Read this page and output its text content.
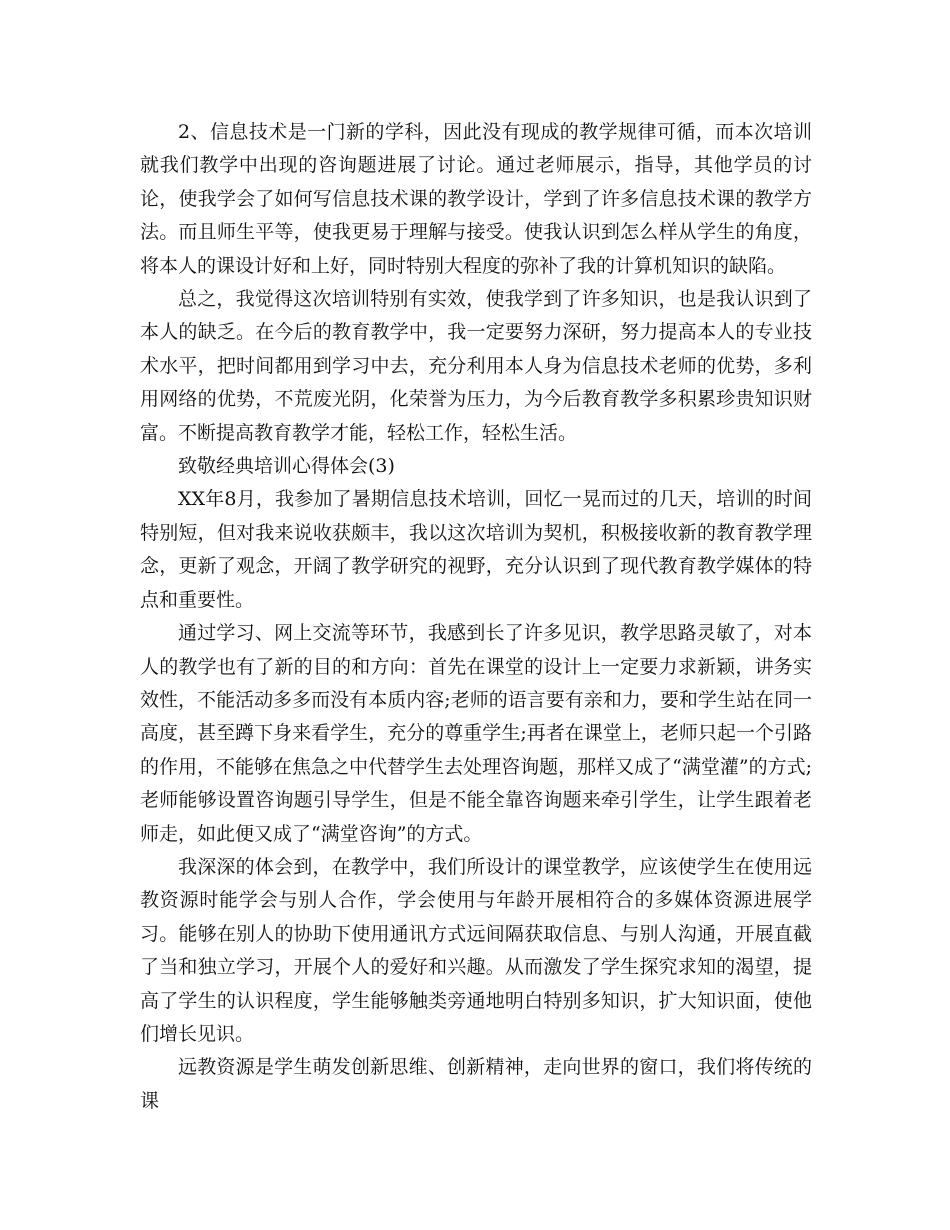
2、信息技术是一门新的学科，因此没有现成的教学规律可循，而本次培训就我们教学中出现的咨询题进展了讨论。通过老师展示，指导，其他学员的讨论，使我学会了如何写信息技术课的教学设计，学到了许多信息技术课的教学方法。而且师生平等，使我更易于理解与接受。使我认识到怎么样从学生的角度，将本人的课设计好和上好，同时特别大程度的弥补了我的计算机知识的缺陷。

总之，我觉得这次培训特别有实效，使我学到了许多知识，也是我认识到了本人的缺乏。在今后的教育教学中，我一定要努力深研，努力提高本人的专业技术水平，把时间都用到学习中去，充分利用本人身为信息技术老师的优势，多利用网络的优势，不荒废光阴，化荣誉为压力，为今后教育教学多积累珍贵知识财富。不断提高教育教学才能，轻松工作，轻松生活。

致敬经典培训心得体会(3)

XX年8月，我参加了暑期信息技术培训，回忆一晃而过的几天，培训的时间特别短，但对我来说收获颇丰，我以这次培训为契机，积极接收新的教育教学理念，更新了观念，开阔了教学研究的视野，充分认识到了现代教育教学媒体的特点和重要性。

通过学习、网上交流等环节，我感到长了许多见识，教学思路灵敏了，对本人的教学也有了新的目的和方向：首先在课堂的设计上一定要力求新颖，讲务实效性，不能活动多多而没有本质内容;老师的语言要有亲和力，要和学生站在同一高度，甚至蹲下身来看学生，充分的尊重学生;再者在课堂上，老师只起一个引路的作用，不能够在焦急之中代替学生去处理咨询题，那样又成了“满堂灌”的方式;老师能够设置咨询题引导学生，但是不能全靠咨询题来牵引学生，让学生跟着老师走，如此便又成了“满堂咨询”的方式。

我深深的体会到，在教学中，我们所设计的课堂教学，应该使学生在使用远教资源时能学会与别人合作，学会使用与年龄开展相符合的多媒体资源进展学习。能够在别人的协助下使用通讯方式远间隔获取信息、与别人沟通，开展直截了当和独立学习，开展个人的爱好和兴趣。从而激发了学生探究求知的渴望，提高了学生的认识程度，学生能够触类旁通地明白特别多知识，扩大知识面，使他们增长见识。

远教资源是学生萌发创新思维、创新精神，走向世界的窗口，我们将传统的课
